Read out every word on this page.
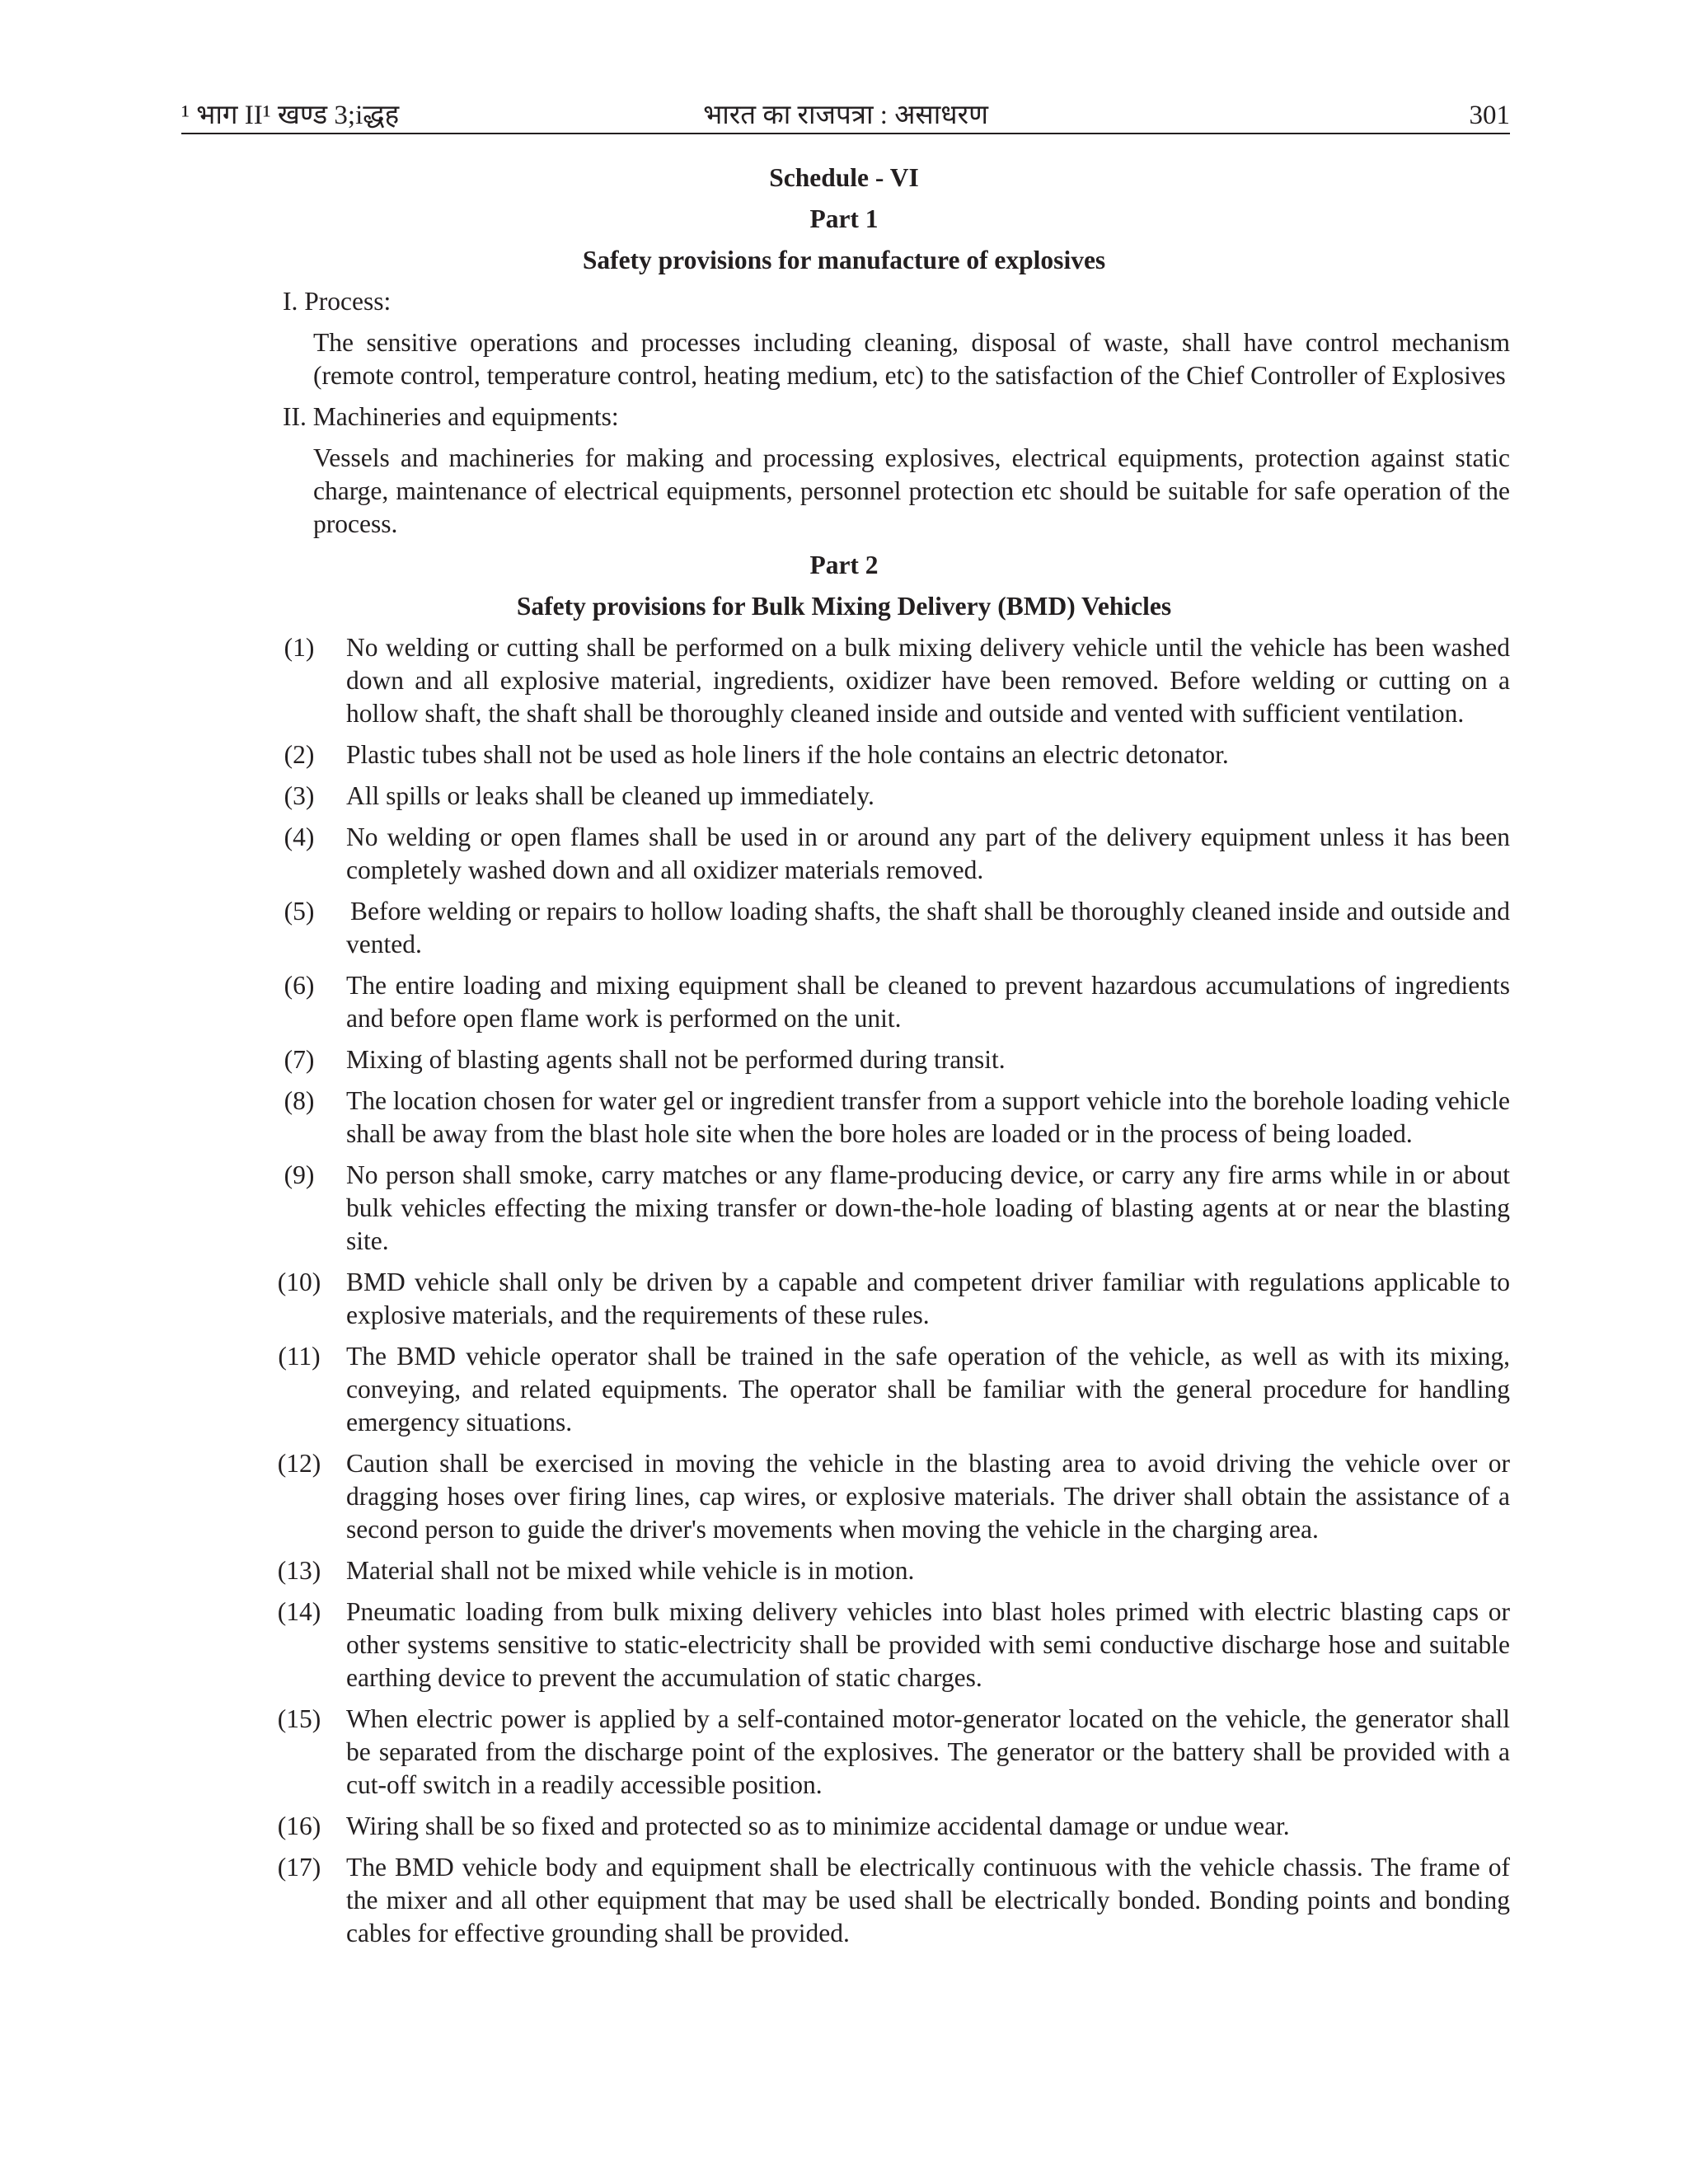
¹ भाग II¹ खण्ड 3;iद्धह	भारत का राजपत्रा : असाधरण	301
Schedule - VI
Part 1
Safety provisions for manufacture of explosives
I. Process:
The sensitive operations and processes including cleaning, disposal of waste, shall have control mechanism (remote control, temperature control, heating medium, etc) to the satisfaction of the Chief Controller of Explosives
II. Machineries and equipments:
Vessels and machineries for making and processing explosives, electrical equipments, protection against static charge, maintenance of electrical equipments, personnel protection etc should be suitable for safe operation of the process.
Part 2
Safety provisions for Bulk Mixing Delivery (BMD) Vehicles
(1)	No welding or cutting shall be performed on a bulk mixing delivery vehicle until the vehicle has been washed down and all explosive material, ingredients, oxidizer have been removed. Before welding or cutting on a hollow shaft, the shaft shall be thoroughly cleaned inside and outside and vented with sufficient ventilation.
(2)	Plastic tubes shall not be used as hole liners if the hole contains an electric detonator.
(3)	All spills or leaks shall be cleaned up immediately.
(4)	No welding or open flames shall be used in or around any part of the delivery equipment unless it has been completely washed down and all oxidizer materials removed.
(5)	Before welding or repairs to hollow loading shafts, the shaft shall be thoroughly cleaned inside and outside and vented.
(6)	The entire loading and mixing equipment shall be cleaned to prevent hazardous accumulations of ingredients and before open flame work is performed on the unit.
(7)	Mixing of blasting agents shall not be performed during transit.
(8)	The location chosen for water gel or ingredient transfer from a support vehicle into the borehole loading vehicle shall be away from the blast hole site when the bore holes are loaded or in the process of being loaded.
(9)	No person shall smoke, carry matches or any flame-producing device, or carry any fire arms while in or about bulk vehicles effecting the mixing transfer or down-the-hole loading of blasting agents at or near the blasting site.
(10) BMD vehicle shall only be driven by a capable and competent driver familiar with regulations applicable to explosive materials, and the requirements of these rules.
(11) The BMD vehicle operator shall be trained in the safe operation of the vehicle, as well as with its mixing, conveying, and related equipments. The operator shall be familiar with the general procedure for handling emergency situations.
(12) Caution shall be exercised in moving the vehicle in the blasting area to avoid driving the vehicle over or dragging hoses over firing lines, cap wires, or explosive materials. The driver shall obtain the assistance of a second person to guide the driver's movements when moving the vehicle in the charging area.
(13) Material shall not be mixed while vehicle is in motion.
(14) Pneumatic loading from bulk mixing delivery vehicles into blast holes primed with electric blasting caps or other systems sensitive to static-electricity shall be provided with semi conductive discharge hose and suitable earthing device to prevent the accumulation of static charges.
(15) When electric power is applied by a self-contained motor-generator located on the vehicle, the generator shall be separated from the discharge point of the explosives. The generator or the battery shall be provided with a cut-off switch in a readily accessible position.
(16) Wiring shall be so fixed and protected so as to minimize accidental damage or undue wear.
(17) The BMD vehicle body and equipment shall be electrically continuous with the vehicle chassis. The frame of the mixer and all other equipment that may be used shall be electrically bonded. Bonding points and bonding cables for effective grounding shall be provided.
